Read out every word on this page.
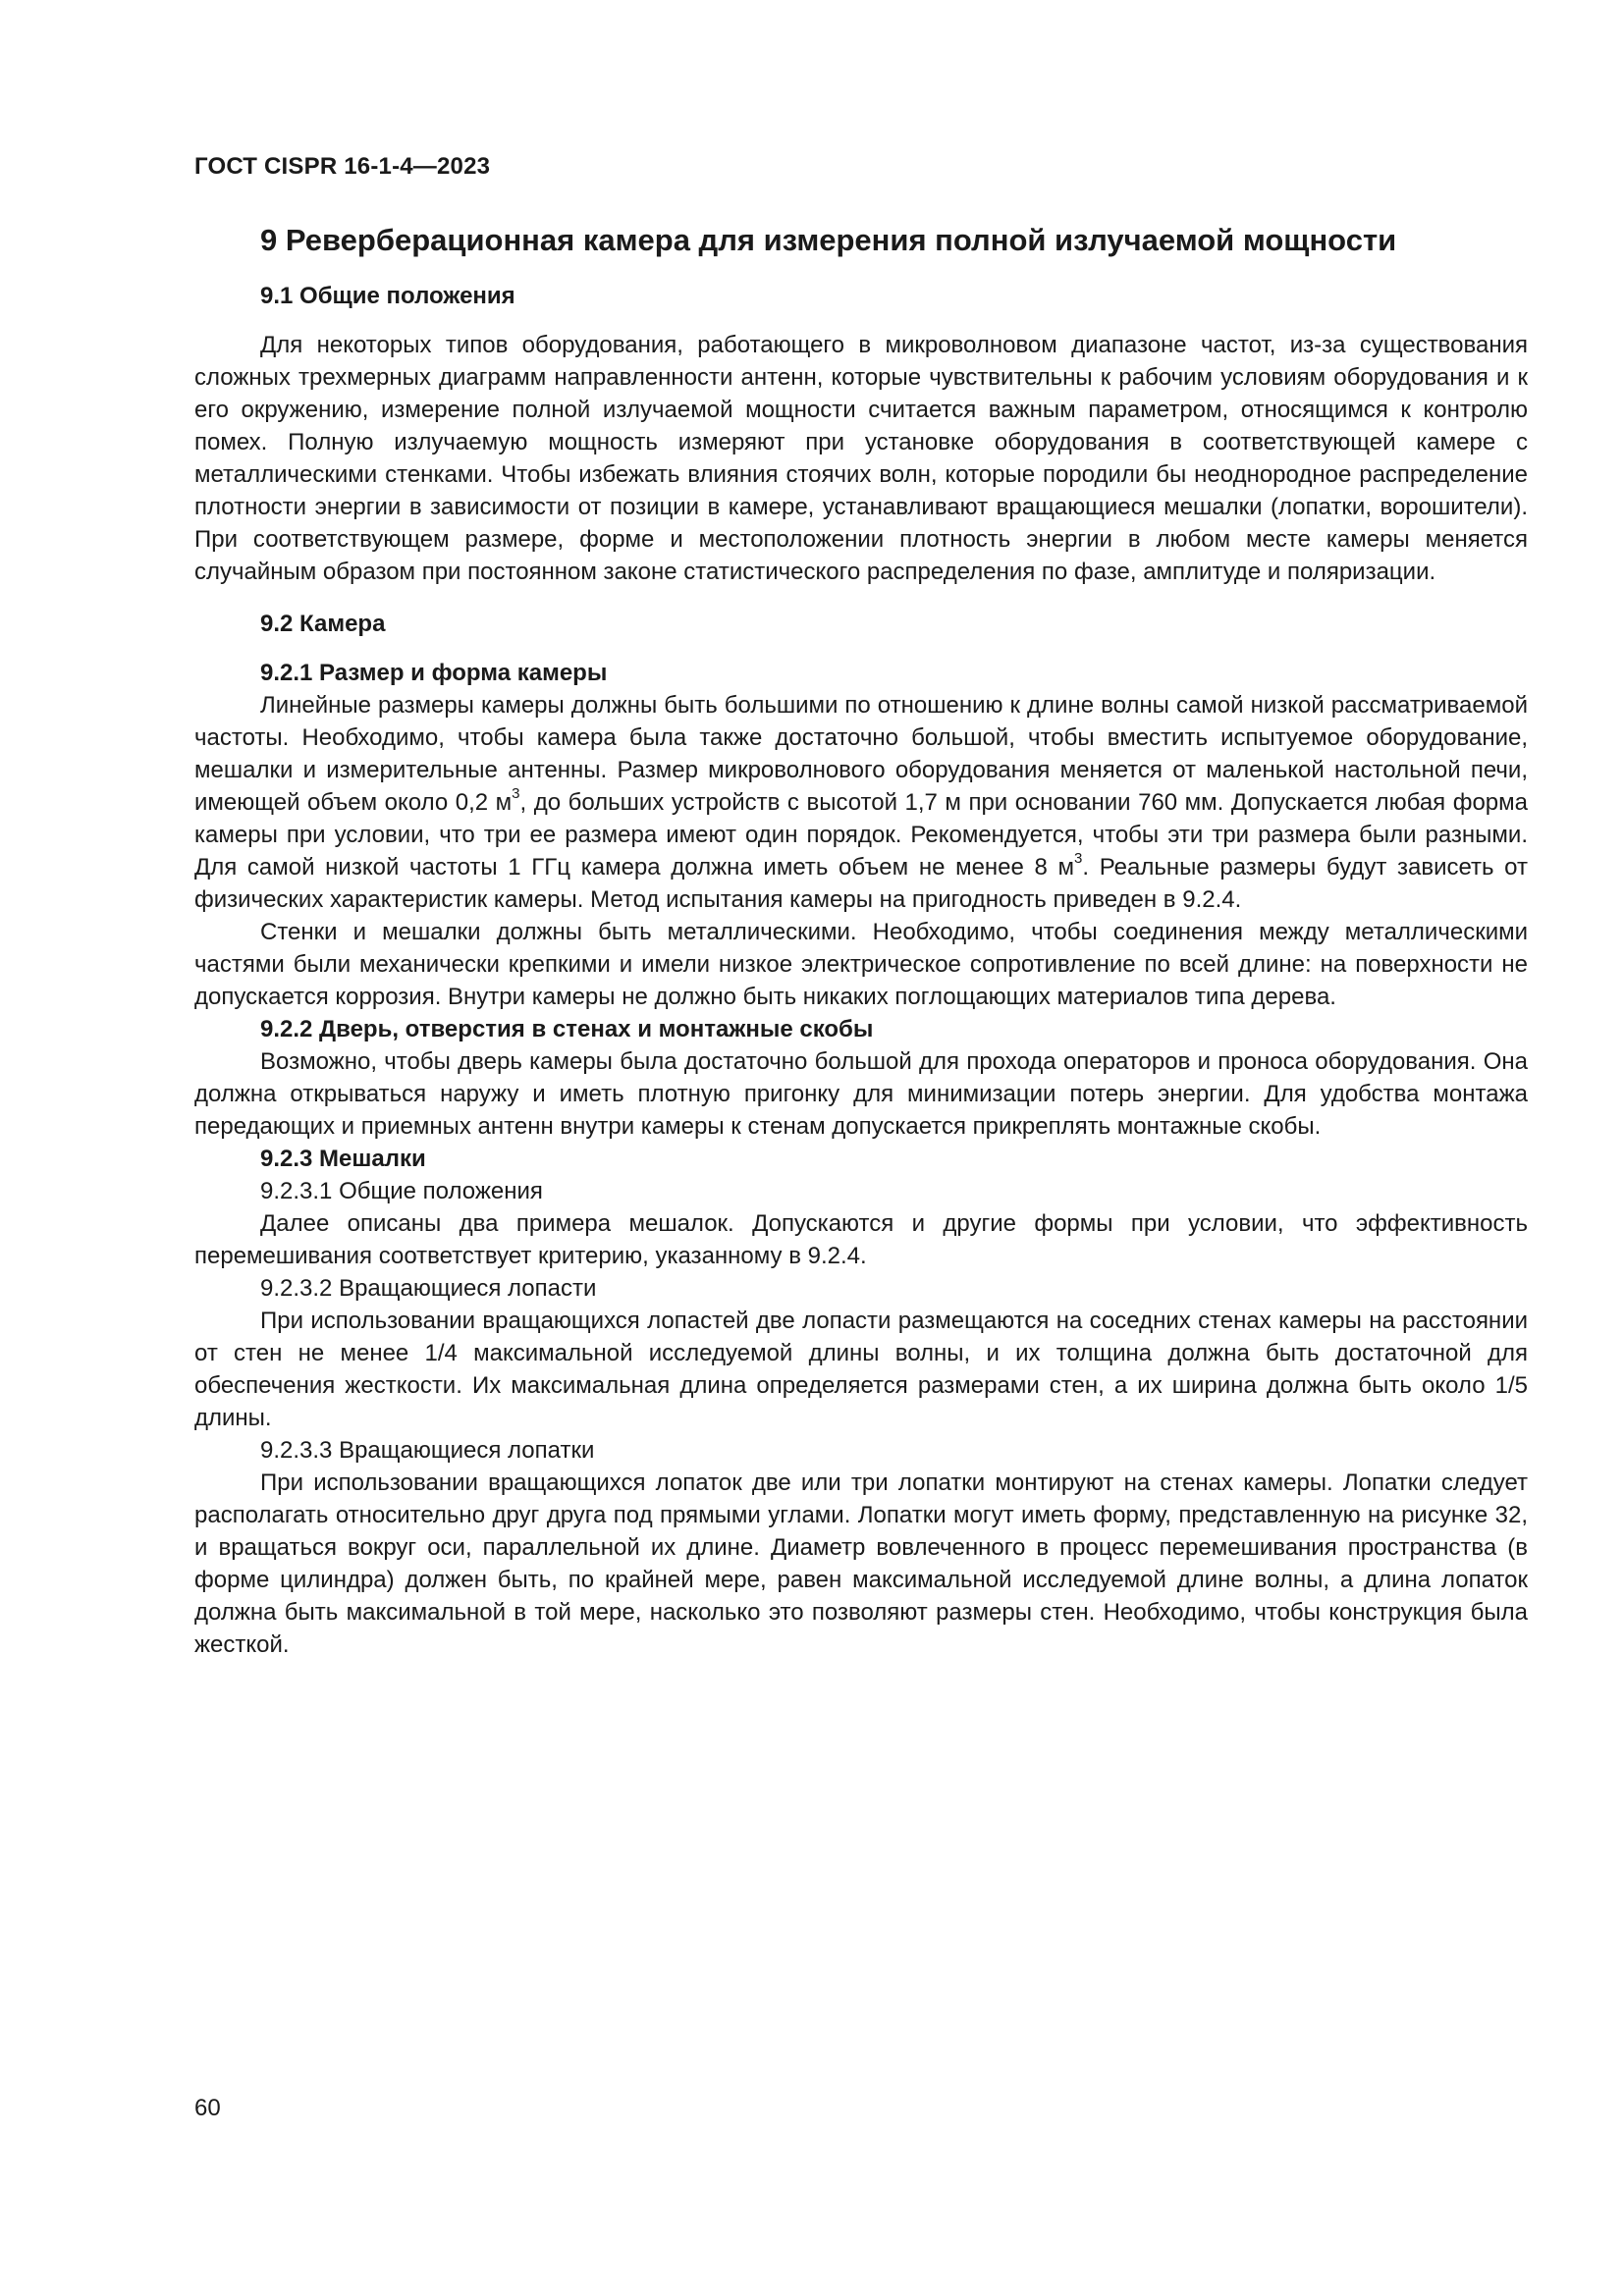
ГОСТ CISPR 16-1-4—2023
9 Реверберационная камера для измерения полной излучаемой мощности
9.1 Общие положения

Для некоторых типов оборудования, работающего в микроволновом диапазоне частот, из-за существования сложных трехмерных диаграмм направленности антенн, которые чувствительны к рабочим условиям оборудования и к его окружению, измерение полной излучаемой мощности считается важным параметром, относящимся к контролю помех. Полную излучаемую мощность измеряют при установке оборудования в соответствующей камере с металлическими стенками. Чтобы избежать влияния стоячих волн, которые породили бы неоднородное распределение плотности энергии в зависимости от позиции в камере, устанавливают вращающиеся мешалки (лопатки, ворошители). При соответствующем размере, форме и местоположении плотность энергии в любом месте камеры меняется случайным образом при постоянном законе статистического распределения по фазе, амплитуде и поляризации.

9.2 Камера
9.2.1 Размер и форма камеры

Линейные размеры камеры должны быть большими по отношению к длине волны самой низкой рассматриваемой частоты. Необходимо, чтобы камера была также достаточно большой, чтобы вместить испытуемое оборудование, мешалки и измерительные антенны. Размер микроволнового оборудования меняется от маленькой настольной печи, имеющей объем около 0,2 $м^3$, до больших устройств с высотой 1,7 м при основании 760 мм. Допускается любая форма камеры при условии, что три ее размера имеют один порядок. Рекомендуется, чтобы эти три размера были разными. Для самой низкой частоты 1 ГГц камера должна иметь объем не менее 8 $м^3$. Реальные размеры будут зависеть от физических характеристик камеры. Метод испытания камеры на пригодность приведен в 9.2.4.

Стенки и мешалки должны быть металлическими. Необходимо, чтобы соединения между металлическими частями были механически крепкими и имели низкое электрическое сопротивление по всей длине: на поверхности не допускается коррозия. Внутри камеры не должно быть никаких поглощающих материалов типа дерева.

9.2.2 Дверь, отверстия в стенах и монтажные скобы

Возможно, чтобы дверь камеры была достаточно большой для прохода операторов и проноса оборудования. Она должна открываться наружу и иметь плотную пригонку для минимизации потерь энергии. Для удобства монтажа передающих и приемных антенн внутри камеры к стенам допускается прикреплять монтажные скобы.

9.2.3 Мешалки
9.2.3.1 Общие положения

Далее описаны два примера мешалок. Допускаются и другие формы при условии, что эффективность перемешивания соответствует критерию, указанному в 9.2.4.

9.2.3.2 Вращающиеся лопасти

При использовании вращающихся лопастей две лопасти размещаются на соседних стенах камеры на расстоянии от стен не менее 1/4 максимальной исследуемой длины волны, и их толщина должна быть достаточной для обеспечения жесткости. Их максимальная длина определяется размерами стен, а их ширина должна быть около 1/5 длины.

9.2.3.3 Вращающиеся лопатки

При использовании вращающихся лопаток две или три лопатки монтируют на стенах камеры. Лопатки следует располагать относительно друг друга под прямыми углами. Лопатки могут иметь форму, представленную на рисунке 32, и вращаться вокруг оси, параллельной их длине. Диаметр вовлеченного в процесс перемешивания пространства (в форме цилиндра) должен быть, по крайней мере, равен максимальной исследуемой длине волны, а длина лопаток должна быть максимальной в той мере, насколько это позволяют размеры стен. Необходимо, чтобы конструкция была жесткой.

60
